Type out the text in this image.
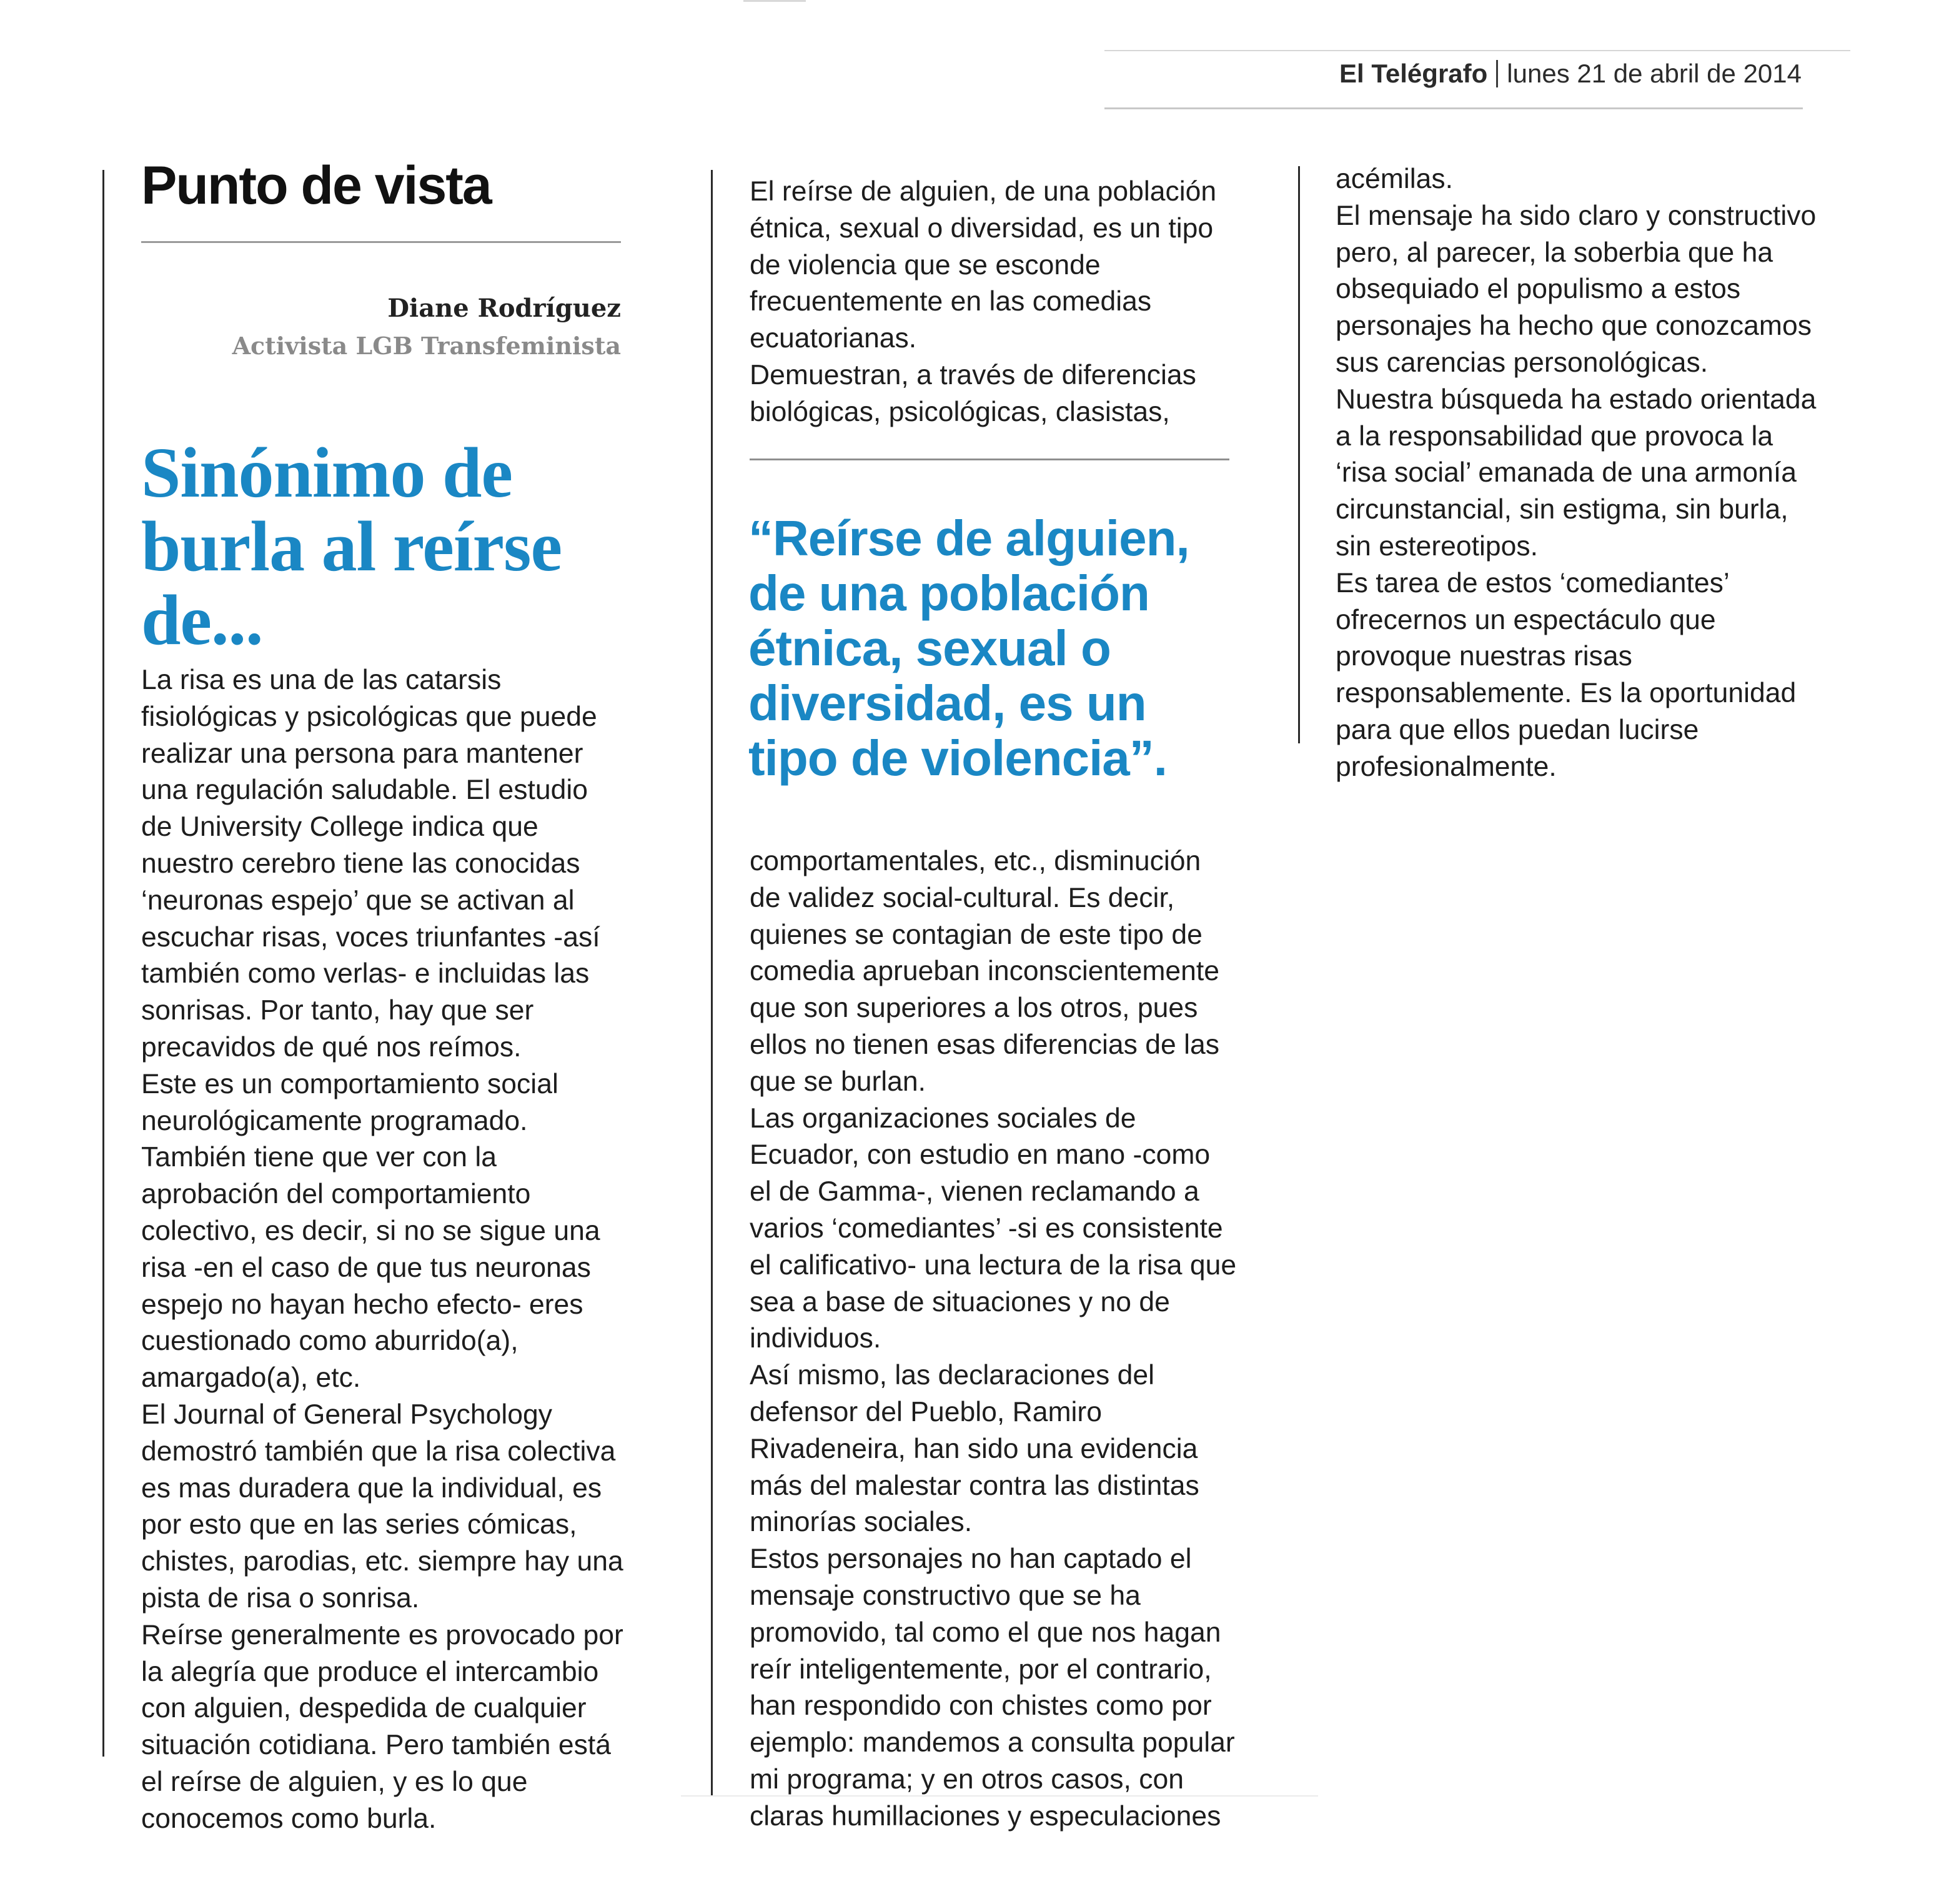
El Telégrafo lunes 21 de abril de 2014
Punto de vista
Diane Rodríguez
Activista LGB Transfeminista
Sinónimo de burla al reírse de...

La risa es una de las catarsis fisiológicas y psicológicas que puede realizar una persona para mantener una regulación saludable. El estudio de University College indica que nuestro cerebro tiene las conocidas ‘neuronas espejo’ que se activan al escuchar risas, voces triunfantes -así también como verlas- e incluidas las sonrisas. Por tanto, hay que ser precavidos de qué nos reímos.

Este es un comportamiento social neurológicamente programado. También tiene que ver con la aprobación del comportamiento colectivo, es decir, si no se sigue una risa -en el caso de que tus neuronas espejo no hayan hecho efecto- eres cuestionado como aburrido(a), amargado(a), etc.

El Journal of General Psychology demostró también que la risa colectiva es mas duradera que la individual, es por esto que en las series cómicas, chistes, parodias, etc. siempre hay una pista de risa o sonrisa.

Reírse generalmente es provocado por la alegría que produce el intercambio con alguien, despedida de cualquier situación cotidiana. Pero también está el reírse de alguien, y es lo que conocemos como burla.

El reírse de alguien, de una población étnica, sexual o diversidad, es un tipo de violencia que se esconde frecuentemente en las comedias ecuatorianas.

Demuestran, a través de diferencias biológicas, psicológicas, clasistas,

“Reírse de alguien, de una población étnica, sexual o diversidad, es un tipo de violencia”.

comportamentales, etc., disminución de validez social-cultural. Es decir, quienes se contagian de este tipo de comedia aprueban inconscientemente que son superiores a los otros, pues ellos no tienen esas diferencias de las que se burlan.

Las organizaciones sociales de Ecuador, con estudio en mano -como el de Gamma-, vienen reclamando a varios ‘comediantes’ -si es consistente el calificativo- una lectura de la risa que sea a base de situaciones y no de individuos.

Así mismo, las declaraciones del defensor del Pueblo, Ramiro Rivadeneira, han sido una evidencia más del malestar contra las distintas minorías sociales.

Estos personajes no han captado el mensaje constructivo que se ha promovido, tal como el que nos hagan reír inteligentemente, por el contrario, han respondido con chistes como por ejemplo: mandemos a consulta popular mi programa; y en otros casos, con claras humillaciones y especulaciones

acémilas.

El mensaje ha sido claro y constructivo pero, al parecer, la soberbia que ha obsequiado el populismo a estos personajes ha hecho que conozcamos sus carencias personológicas.

Nuestra búsqueda ha estado orientada a la responsabilidad que provoca la ‘risa social’ emanada de una armonía circunstancial, sin estigma, sin burla, sin estereotipos.

Es tarea de estos ‘comediantes’ ofrecernos un espectáculo que provoque nuestras risas responsablemente. Es la oportunidad para que ellos puedan lucirse profesionalmente.
